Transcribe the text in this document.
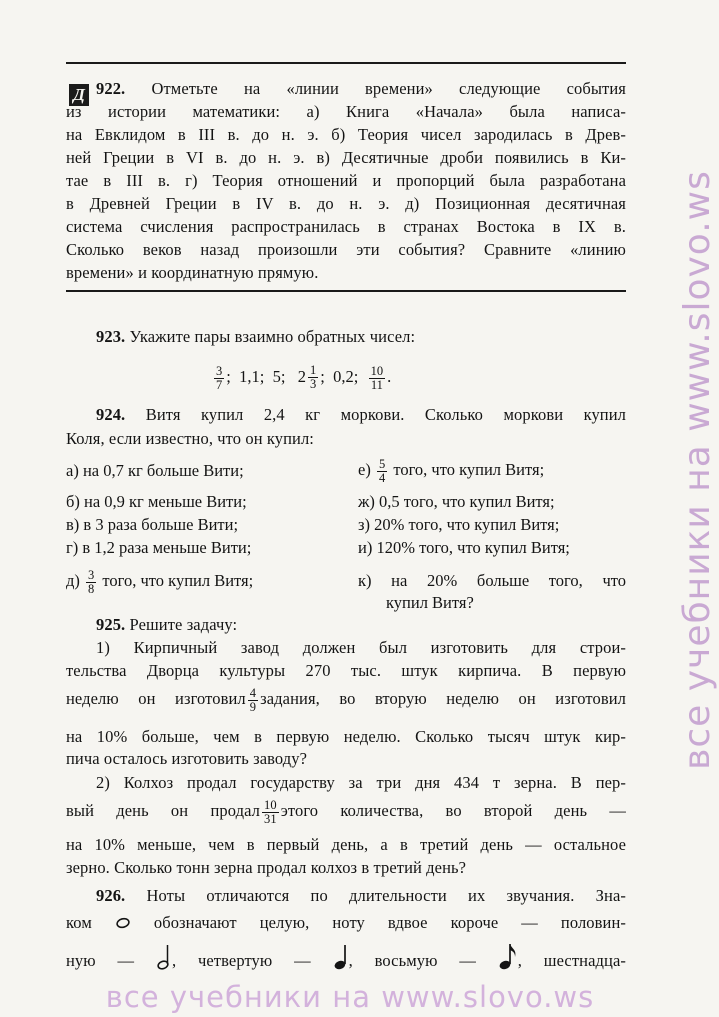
Д 922. Отметьте на «линии времени» следующие события
из истории математики: а) Книга «Начала» была написа-
на Евклидом в III в. до н. э. б) Теория чисел зародилась в Древ-
ней Греции в VI в. до н. э. в) Десятичные дроби появились в Ки-
тае в III в. г) Теория отношений и пропорций была разработана
в Древней Греции в IV в. до н. э. д) Позиционная десятичная
система счисления распространилась в странах Востока в IX в.
Сколько веков назад произошли эти события? Сравните «линию
времени» и координатную прямую.
923. Укажите пары взаимно обратных чисел:
$\frac{3}{7}$ ; 1,1; 5; $2 \frac{1}{3}$ ; 0,2; $\frac{10}{11}$ .
924. Витя купил 2,4 кг моркови. Сколько моркови купил
Коля, если известно, что он купил:
а) на 0,7 кг больше Вити;
б) на 0,9 кг меньше Вити;
в) в 3 раза больше Вити;
г) в 1,2 раза меньше Вити;
$д) \frac{3}{8}$ того, что купил Витя;
$е) \frac{5}{4}$ того, что купил Витя;
ж) 0,5 того, что купил Витя;
з) 20% того, что купил Витя;
и) 120% того, что купил Витя;
к) на 20% больше того, что
купил Витя?
925. Решите задачу:
1) Кирпичный завод должен был изготовить для строи-
тельства Дворца культуры 270 тыс. штук кирпича. В первую
неделю он изготовил $\frac{4}{9}$ задания, во вторую неделю он изготовил
на 10% больше, чем в первую неделю. Сколько тысяч штук кир-
пича осталось изготовить заводу?
2) Колхоз продал государству за три дня 434 т зерна. В пер-
вый день он продал $\frac{10}{31}$ этого количества, во второй день —
на 10% меньше, чем в первый день, а в третий день — остальное
зерно. Сколько тонн зерна продал колхоз в третий день?
926. Ноты отличаются по длительности их звучания. Зна-
ком	обозначают целую, ноту вдвое короче — половин-
ную — , четвертую — , восьмую —	, шестнадца-
все учебники на www.slovo.ws
все учебники на www.slovo.ws
